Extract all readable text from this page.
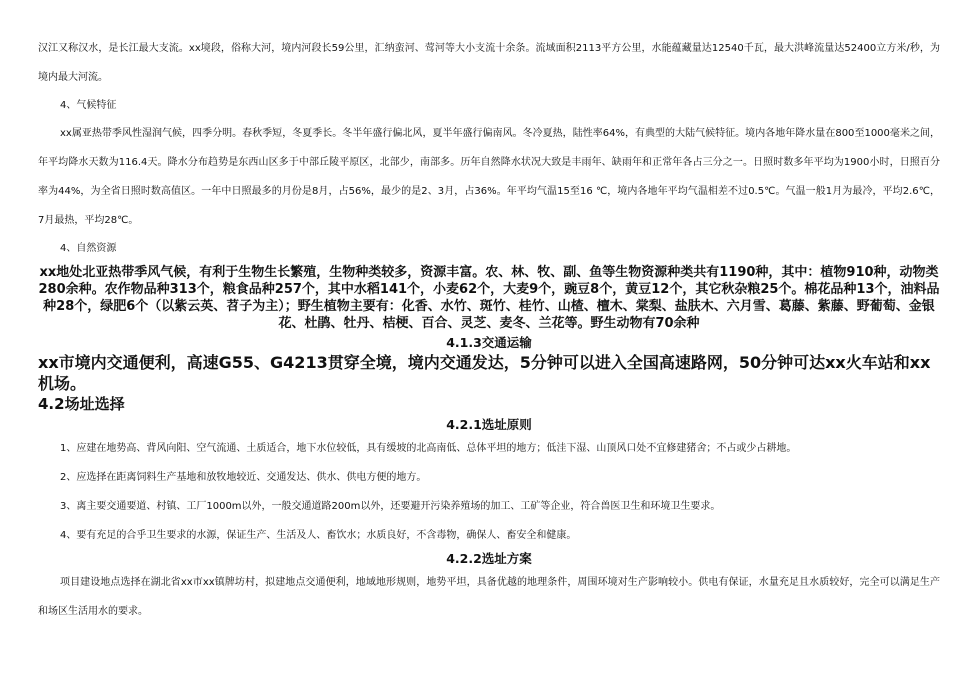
汉江又称汉水，是长江最大支流。xx境段，俗称大河，境内河段长59公里，汇纳蛮河、莺河等大小支流十余条。流域面积2113平方公里，水能蕴藏量达12540千瓦，最大洪峰流量达52400立方米/秒，为境内最大河流。

4、气候特征

xx属亚热带季风性湿润气候，四季分明。春秋季短，冬夏季长。冬半年盛行偏北风，夏半年盛行偏南风。冬冷夏热，陆性率64%，有典型的大陆气候特征。境内各地年降水量在800至1000毫米之间，年平均降水天数为116.4天。降水分布趋势是东西山区多于中部丘陵平原区，北部少，南部多。历年自然降水状况大致是丰雨年、缺雨年和正常年各占三分之一。日照时数多年平均为1900小时，日照百分率为44%，为全省日照时数高值区。一年中日照最多的月份是8月，占56%，最少的是2、3月，占36%。年平均气温15至16 ℃，境内各地年平均气温相差不过0.5℃。气温一般1月为最冷，平均2.6℃，7月最热，平均28℃。

4、自然资源

xx地处北亚热带季风气候，有利于生物生长繁殖，生物种类较多，资源丰富。农、林、牧、副、鱼等生物资源种类共有1190种，其中：植物910种，动物类280余种。农作物品种313个，粮食品种257个，其中水稻141个，小麦62个，大麦9个，豌豆8个，黄豆12个，其它秋杂粮25个。棉花品种13个，油料品种28个，绿肥6个（以紫云英、苕子为主）；野生植物主要有：化香、水竹、斑竹、桂竹、山楂、檀木、棠梨、盐肤木、六月雪、葛藤、紫藤、野葡萄、金银花、杜鹃、牡丹、桔梗、百合、灵芝、麦冬、兰花等。野生动物有70余种

4.1.3交通运输

xx市境内交通便利，高速G55、G4213贯穿全境，境内交通发达，5分钟可以进入全国高速路网，50分钟可达xx火车站和xx机场。

4.2场址选择

4.2.1选址原则

1、应建在地势高、背风向阳、空气流通、土质适合，地下水位较低，具有缓坡的北高南低、总体平坦的地方；低洼下湿、山顶风口处不宜修建猪舍；不占或少占耕地。

2、应选择在距离饲料生产基地和放牧地较近、交通发达、供水、供电方便的地方。

3、离主要交通要道、村镇、工厂1000m以外，一般交通道路200m以外，还要避开污染养殖场的加工、工矿等企业，符合兽医卫生和环境卫生要求。

4、要有充足的合乎卫生要求的水源，保证生产、生活及人、畜饮水；水质良好，不含毒物，确保人、畜安全和健康。

4.2.2选址方案

项目建设地点选择在湖北省xx市xx镇牌坊村，拟建地点交通便利，地域地形规则，地势平坦，具备优越的地理条件，周围环境对生产影响较小。供电有保证，水量充足且水质较好，完全可以满足生产和场区生活用水的要求。
